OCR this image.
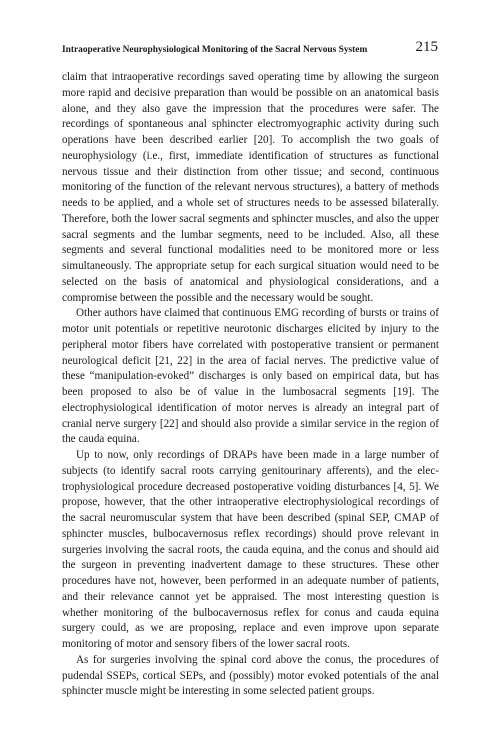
Intraoperative Neurophysiological Monitoring of the Sacral Nervous System	215

claim that intraoperative recordings saved operating time by allowing the surgeon more rapid and decisive preparation than would be possible on an anatomical basis alone, and they also gave the impression that the procedures were safer. The recordings of spontaneous anal sphincter electromyographic activity during such operations have been described earlier [20]. To accomplish the two goals of neurophysiology (i.e., first, immediate identification of structures as functional nervous tissue and their distinction from other tissue; and second, continuous monitoring of the function of the relevant nervous structures), a battery of methods needs to be applied, and a whole set of structures needs to be assessed bilaterally. Therefore, both the lower sacral segments and sphincter muscles, and also the upper sacral segments and the lumbar segments, need to be included. Also, all these segments and several functional modalities need to be monitored more or less simultaneously. The appropriate setup for each surgical situation would need to be selected on the basis of anatomical and physiological considerations, and a compromise between the possible and the necessary would be sought.

Other authors have claimed that continuous EMG recording of bursts or trains of motor unit potentials or repetitive neurotonic discharges elicited by injury to the peripheral motor fibers have correlated with postoperative transient or permanent neurological deficit [21, 22] in the area of facial nerves. The predictive value of these “manipulation-evoked” discharges is only based on empirical data, but has been proposed to also be of value in the lumbosacral segments [19]. The electrophysiological identification of motor nerves is already an integral part of cranial nerve surgery [22] and should also provide a similar service in the region of the cauda equina.

Up to now, only recordings of DRAPs have been made in a large number of subjects (to identify sacral roots carrying genitourinary afferents), and the electrophysiological procedure decreased postoperative voiding disturbances [4, 5]. We propose, however, that the other intraoperative electrophysiological recordings of the sacral neuromuscular system that have been described (spinal SEP, CMAP of sphincter muscles, bulbocavernosus reflex recordings) should prove relevant in surgeries involving the sacral roots, the cauda equina, and the conus and should aid the surgeon in preventing inadvertent damage to these structures. These other procedures have not, however, been performed in an adequate number of patients, and their relevance cannot yet be appraised. The most interesting question is whether monitoring of the bulbocavernosus reflex for conus and cauda equina surgery could, as we are proposing, replace and even improve upon separate monitoring of motor and sensory fibers of the lower sacral roots.

As for surgeries involving the spinal cord above the conus, the procedures of pudendal SSEPs, cortical SEPs, and (possibly) motor evoked potentials of the anal sphincter muscle might be interesting in some selected patient groups.
